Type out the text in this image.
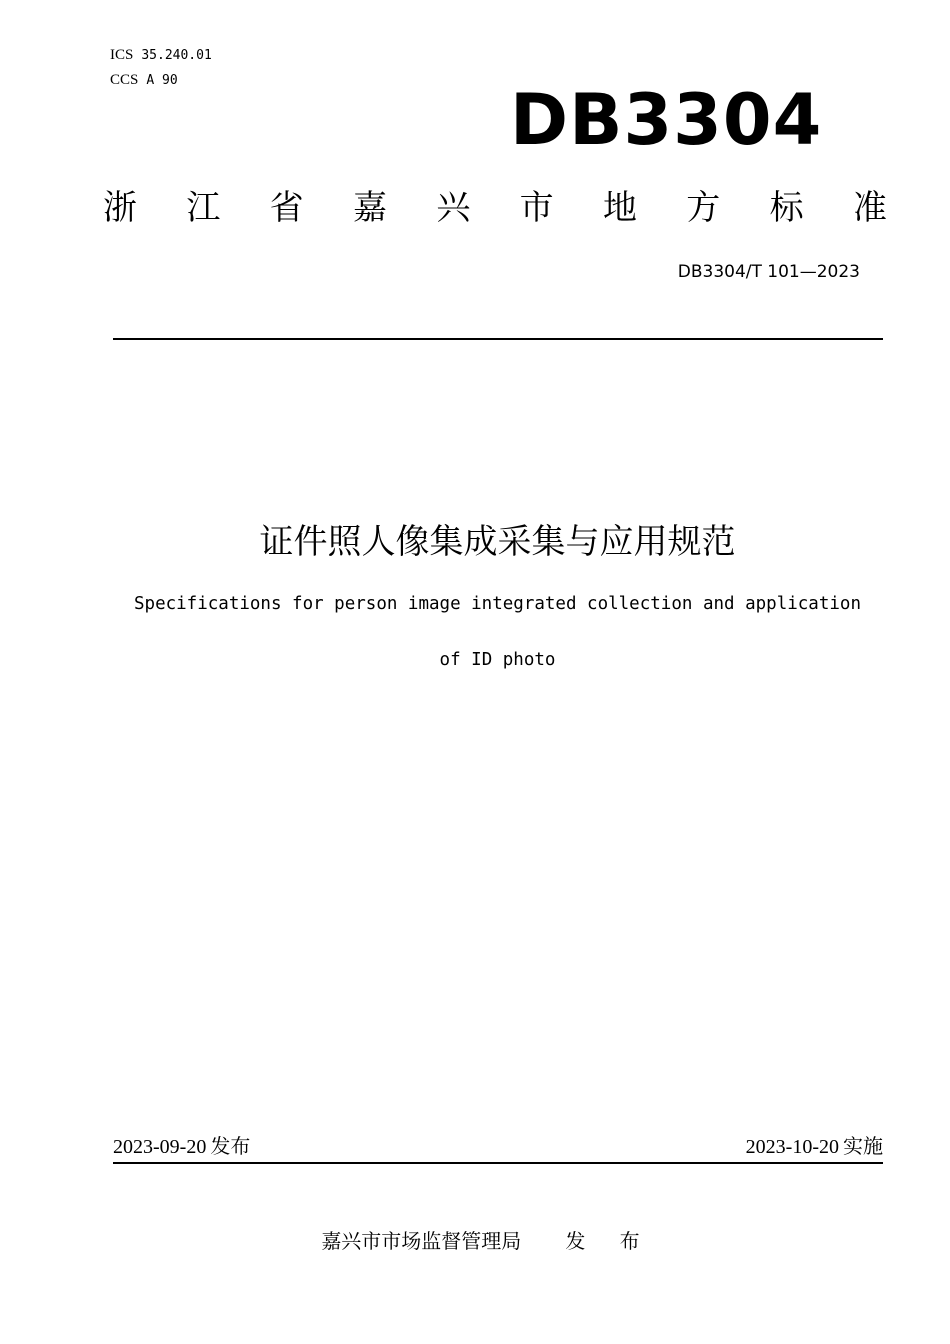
ICS 35.240.01
CCS A 90	DB3304
浙 江 省 嘉 兴 市 地 方 标 准
DB3304/T 101—2023
证件照人像集成采集与应用规范
Specifications for person image integrated collection and application
of ID photo
2023-09-20 发布	2023-10-20 实施
嘉兴市市场监督管理局 发 布
